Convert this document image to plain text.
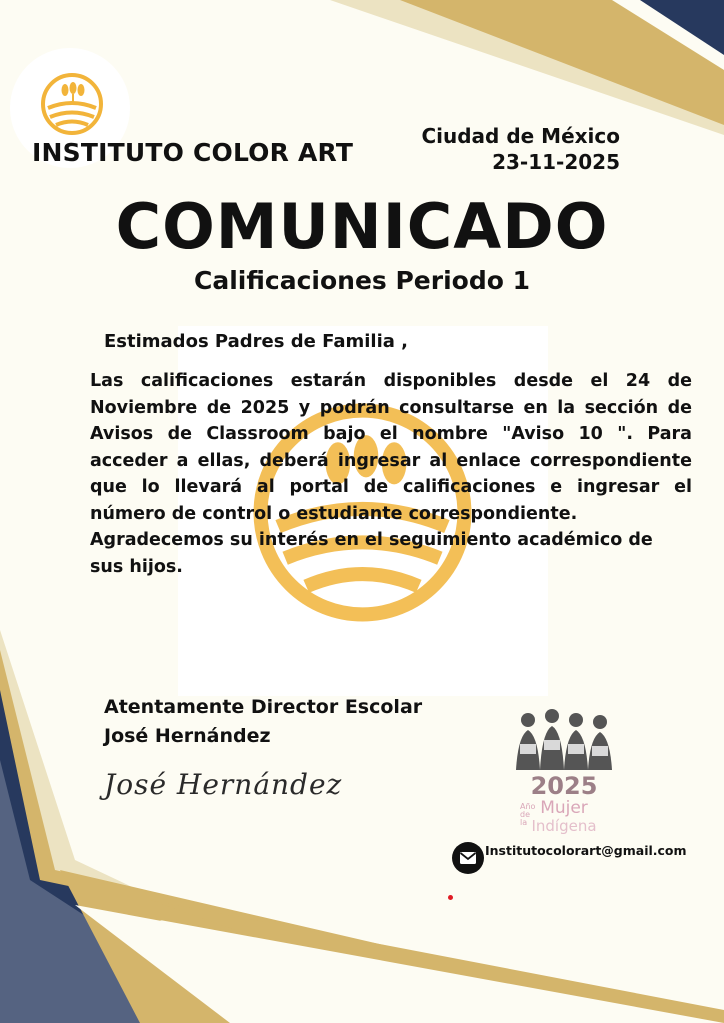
INSTITUTO COLOR ART
Ciudad de México
23-11-2025
COMUNICADO
Calificaciones Periodo 1
Estimados Padres de Familia ,

Las calificaciones estarán disponibles desde el 24 de Noviembre de 2025 y podrán consultarse en la sección de Avisos de Classroom bajo el nombre "Aviso 10 ". Para acceder a ellas, deberá ingresar al enlace correspondiente que lo llevará al portal de calificaciones e ingresar el número de control o estudiante correspondiente.

Agradecemos su interés en el seguimiento académico de sus hijos.

Atentamente Director Escolar
José Hernández
José Hernández	2025
Año de la
Mujer
Indígena
Institutocolorart@gmail.com
